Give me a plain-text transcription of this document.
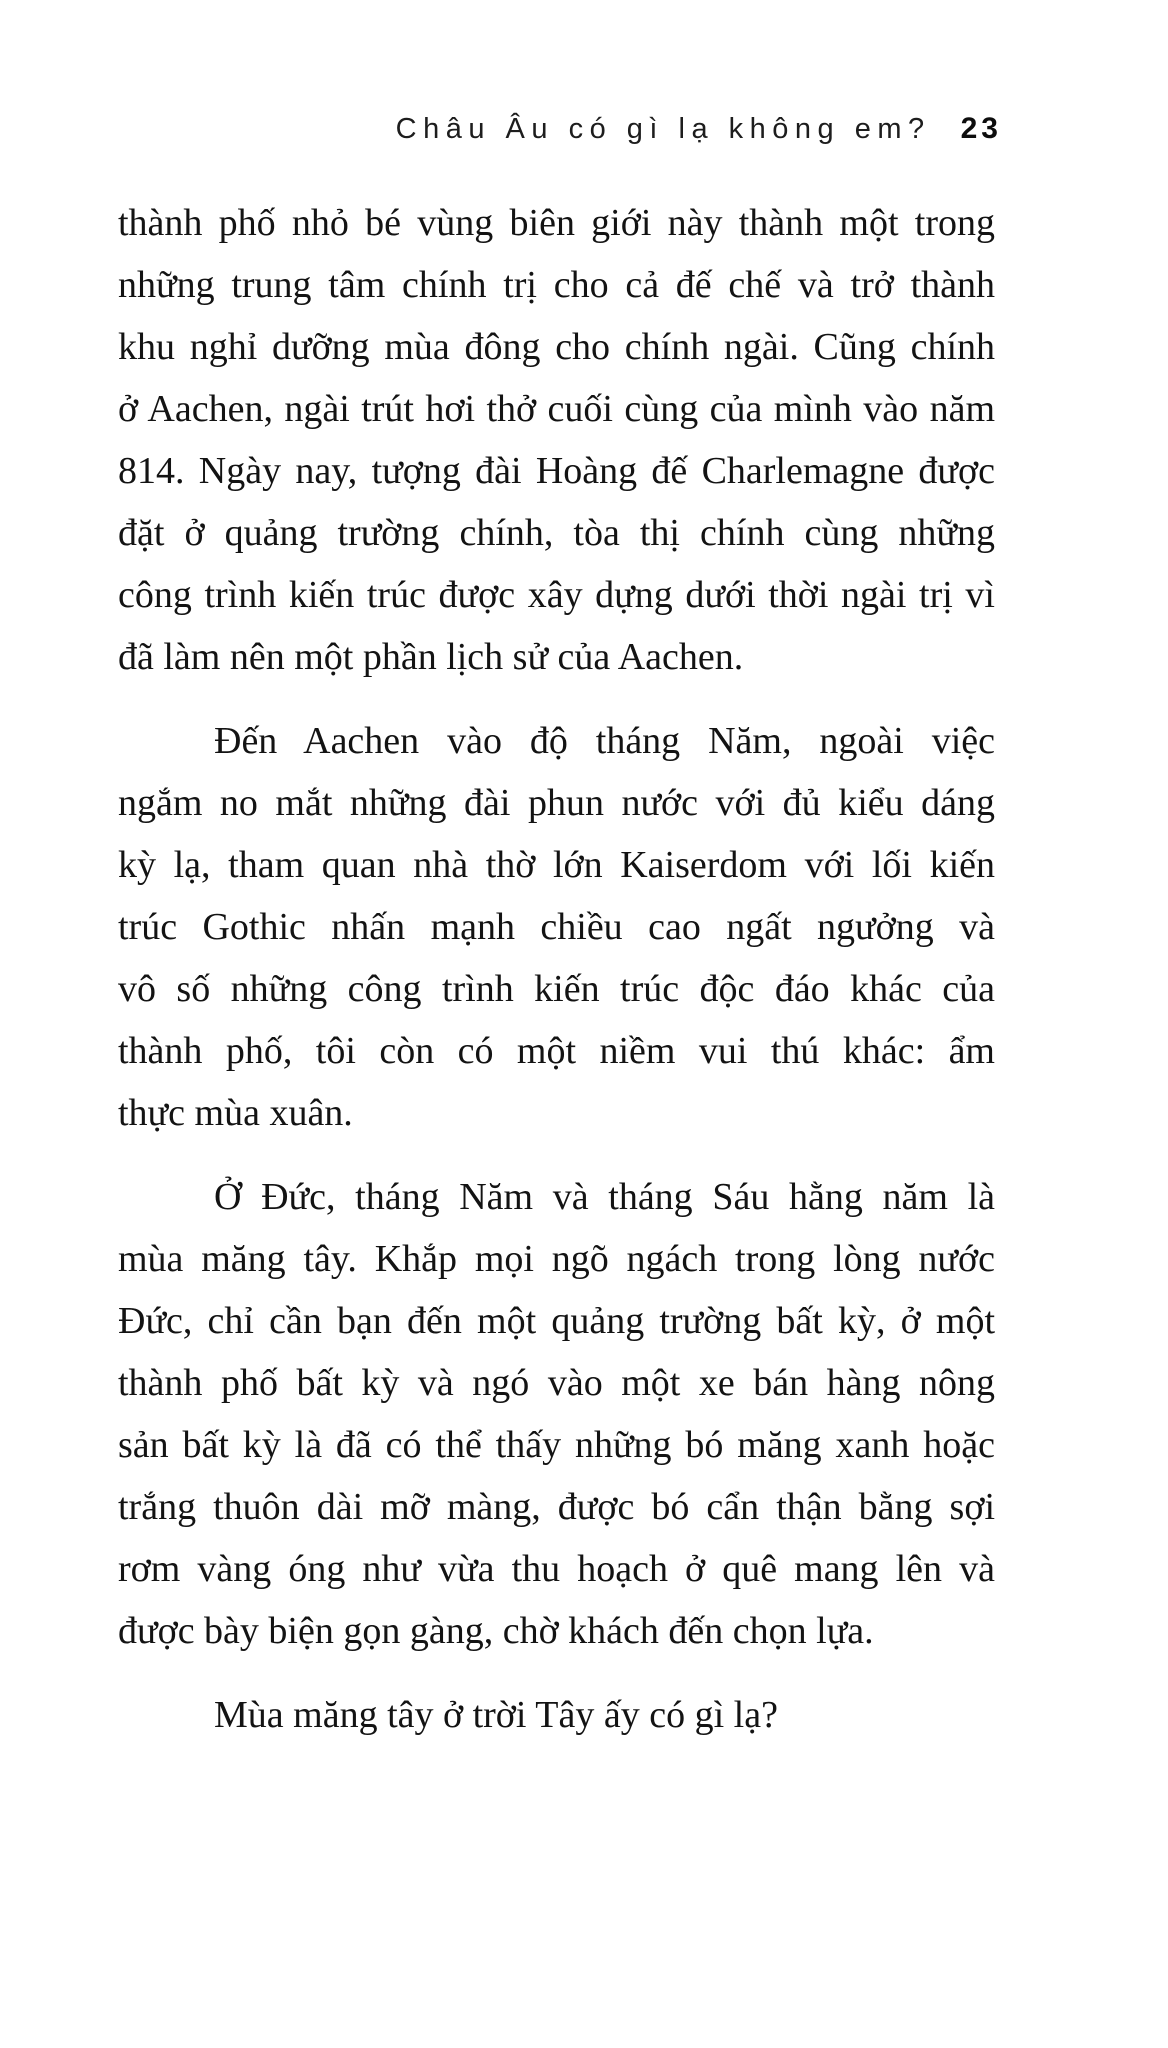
Châu Âu có gì lạ không em? 23
thành phố nhỏ bé vùng biên giới này thành một trong
những trung tâm chính trị cho cả đế chế và trở thành
khu nghỉ dưỡng mùa đông cho chính ngài. Cũng chính
ở Aachen, ngài trút hơi thở cuối cùng của mình vào năm
814. Ngày nay, tượng đài Hoàng đế Charlemagne được
đặt ở quảng trường chính, tòa thị chính cùng những
công trình kiến trúc được xây dựng dưới thời ngài trị vì
đã làm nên một phần lịch sử của Aachen.
Đến Aachen vào độ tháng Năm, ngoài việc
ngắm no mắt những đài phun nước với đủ kiểu dáng
kỳ lạ, tham quan nhà thờ lớn Kaiserdom với lối kiến
trúc Gothic nhấn mạnh chiều cao ngất ngưởng và
vô số những công trình kiến trúc độc đáo khác của
thành phố, tôi còn có một niềm vui thú khác: ẩm
thực mùa xuân.
Ở Đức, tháng Năm và tháng Sáu hằng năm là
mùa măng tây. Khắp mọi ngõ ngách trong lòng nước
Đức, chỉ cần bạn đến một quảng trường bất kỳ, ở một
thành phố bất kỳ và ngó vào một xe bán hàng nông
sản bất kỳ là đã có thể thấy những bó măng xanh hoặc
trắng thuôn dài mỡ màng, được bó cẩn thận bằng sợi
rơm vàng óng như vừa thu hoạch ở quê mang lên và
được bày biện gọn gàng, chờ khách đến chọn lựa.
Mùa măng tây ở trời Tây ấy có gì lạ?
